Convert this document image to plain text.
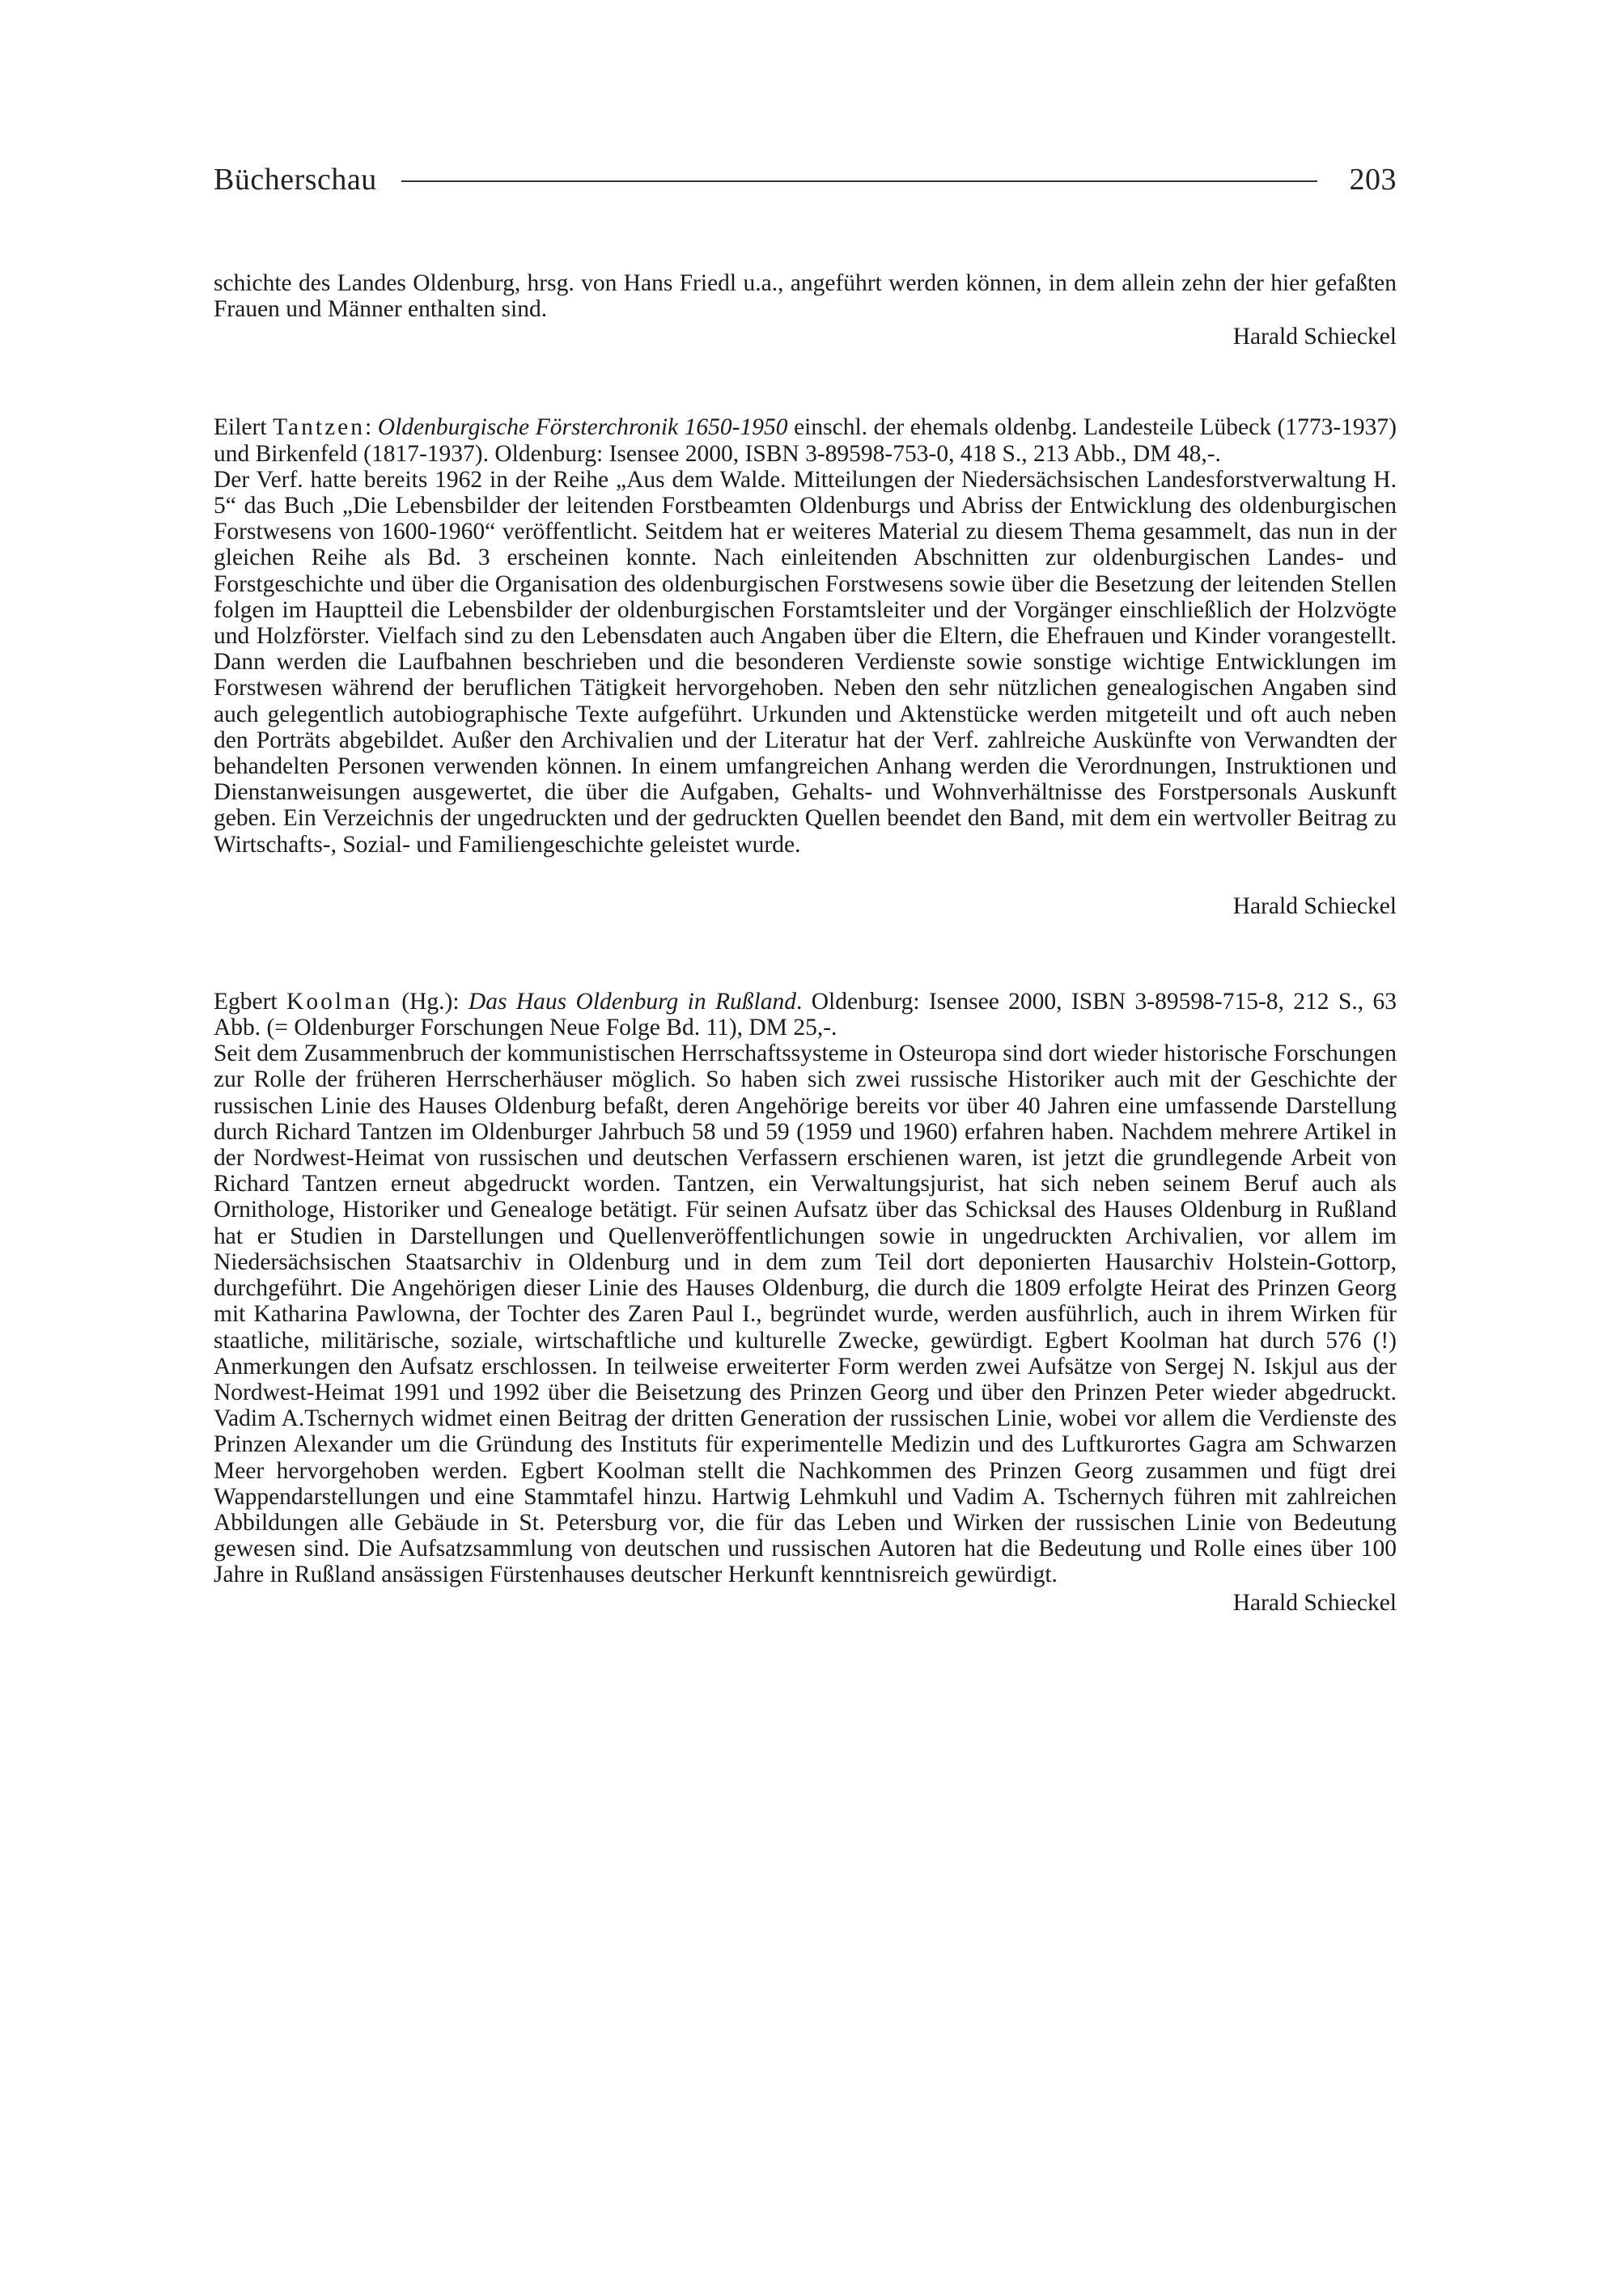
Bücherschau	203

schichte des Landes Oldenburg, hrsg. von Hans Friedl u.a., angeführt werden können, in dem allein zehn der hier gefaßten Frauen und Männer enthalten sind.

Harald Schieckel

Eilert Tantzen: Oldenburgische Försterchronik 1650-1950 einschl. der ehemals oldenbg. Landesteile Lübeck (1773-1937) und Birkenfeld (1817-1937). Oldenburg: Isensee 2000, ISBN 3-89598-753-0, 418 S., 213 Abb., DM 48,-.

Der Verf. hatte bereits 1962 in der Reihe „Aus dem Walde. Mitteilungen der Niedersächsischen Landesforstverwaltung H. 5“ das Buch „Die Lebensbilder der leitenden Forstbeamten Oldenburgs und Abriss der Entwicklung des oldenburgischen Forstwesens von 1600-1960“ veröffentlicht. Seitdem hat er weiteres Material zu diesem Thema gesammelt, das nun in der gleichen Reihe als Bd. 3 erscheinen konnte. Nach einleitenden Abschnitten zur oldenburgischen Landes- und Forstgeschichte und über die Organisation des oldenburgischen Forstwesens sowie über die Besetzung der leitenden Stellen folgen im Hauptteil die Lebensbilder der oldenburgischen Forstamtsleiter und der Vorgänger einschließlich der Holzvögte und Holzförster. Vielfach sind zu den Lebensdaten auch Angaben über die Eltern, die Ehefrauen und Kinder vorangestellt. Dann werden die Laufbahnen beschrieben und die besonderen Verdienste sowie sonstige wichtige Entwicklungen im Forstwesen während der beruflichen Tätigkeit hervorgehoben. Neben den sehr nützlichen genealogischen Angaben sind auch gelegentlich autobiographische Texte aufgeführt. Urkunden und Aktenstücke werden mitgeteilt und oft auch neben den Porträts abgebildet. Außer den Archivalien und der Literatur hat der Verf. zahlreiche Auskünfte von Verwandten der behandelten Personen verwenden können. In einem umfangreichen Anhang werden die Verordnungen, Instruktionen und Dienstanweisungen ausgewertet, die über die Aufgaben, Gehalts- und Wohnverhältnisse des Forstpersonals Auskunft geben. Ein Verzeichnis der ungedruckten und der gedruckten Quellen beendet den Band, mit dem ein wertvoller Beitrag zu Wirtschafts-, Sozial- und Familiengeschichte geleistet wurde.

Harald Schieckel

Egbert Koolman (Hg.): Das Haus Oldenburg in Rußland. Oldenburg: Isensee 2000, ISBN 3-89598-715-8, 212 S., 63 Abb. (= Oldenburger Forschungen Neue Folge Bd. 11), DM 25,-.

Seit dem Zusammenbruch der kommunistischen Herrschaftssysteme in Osteuropa sind dort wieder historische Forschungen zur Rolle der früheren Herrscherhäuser möglich. So haben sich zwei russische Historiker auch mit der Geschichte der russischen Linie des Hauses Oldenburg befaßt, deren Angehörige bereits vor über 40 Jahren eine umfassende Darstellung durch Richard Tantzen im Oldenburger Jahrbuch 58 und 59 (1959 und 1960) erfahren haben. Nachdem mehrere Artikel in der Nordwest-Heimat von russischen und deutschen Verfassern erschienen waren, ist jetzt die grundlegende Arbeit von Richard Tantzen erneut abgedruckt worden. Tantzen, ein Verwaltungsjurist, hat sich neben seinem Beruf auch als Ornithologe, Historiker und Genealoge betätigt. Für seinen Aufsatz über das Schicksal des Hauses Oldenburg in Rußland hat er Studien in Darstellungen und Quellenveröffentlichungen sowie in ungedruckten Archivalien, vor allem im Niedersächsischen Staatsarchiv in Oldenburg und in dem zum Teil dort deponierten Hausarchiv Holstein-Gottorp, durchgeführt. Die Angehörigen dieser Linie des Hauses Oldenburg, die durch die 1809 erfolgte Heirat des Prinzen Georg mit Katharina Pawlowna, der Tochter des Zaren Paul I., begründet wurde, werden ausführlich, auch in ihrem Wirken für staatliche, militärische, soziale, wirtschaftliche und kulturelle Zwecke, gewürdigt. Egbert Koolman hat durch 576 (!) Anmerkungen den Aufsatz erschlossen. In teilweise erweiterter Form werden zwei Aufsätze von Sergej N. Iskjul aus der Nordwest-Heimat 1991 und 1992 über die Beisetzung des Prinzen Georg und über den Prinzen Peter wieder abgedruckt. Vadim A.Tschernych widmet einen Beitrag der dritten Generation der russischen Linie, wobei vor allem die Verdienste des Prinzen Alexander um die Gründung des Instituts für experimentelle Medizin und des Luftkurortes Gagra am Schwarzen Meer hervorgehoben werden. Egbert Koolman stellt die Nachkommen des Prinzen Georg zusammen und fügt drei Wappendarstellungen und eine Stammtafel hinzu. Hartwig Lehmkuhl und Vadim A. Tschernych führen mit zahlreichen Abbildungen alle Gebäude in St. Petersburg vor, die für das Leben und Wirken der russischen Linie von Bedeutung gewesen sind. Die Aufsatzsammlung von deutschen und russischen Autoren hat die Bedeutung und Rolle eines über 100 Jahre in Rußland ansässigen Fürstenhauses deutscher Herkunft kenntnisreich gewürdigt.

Harald Schieckel
